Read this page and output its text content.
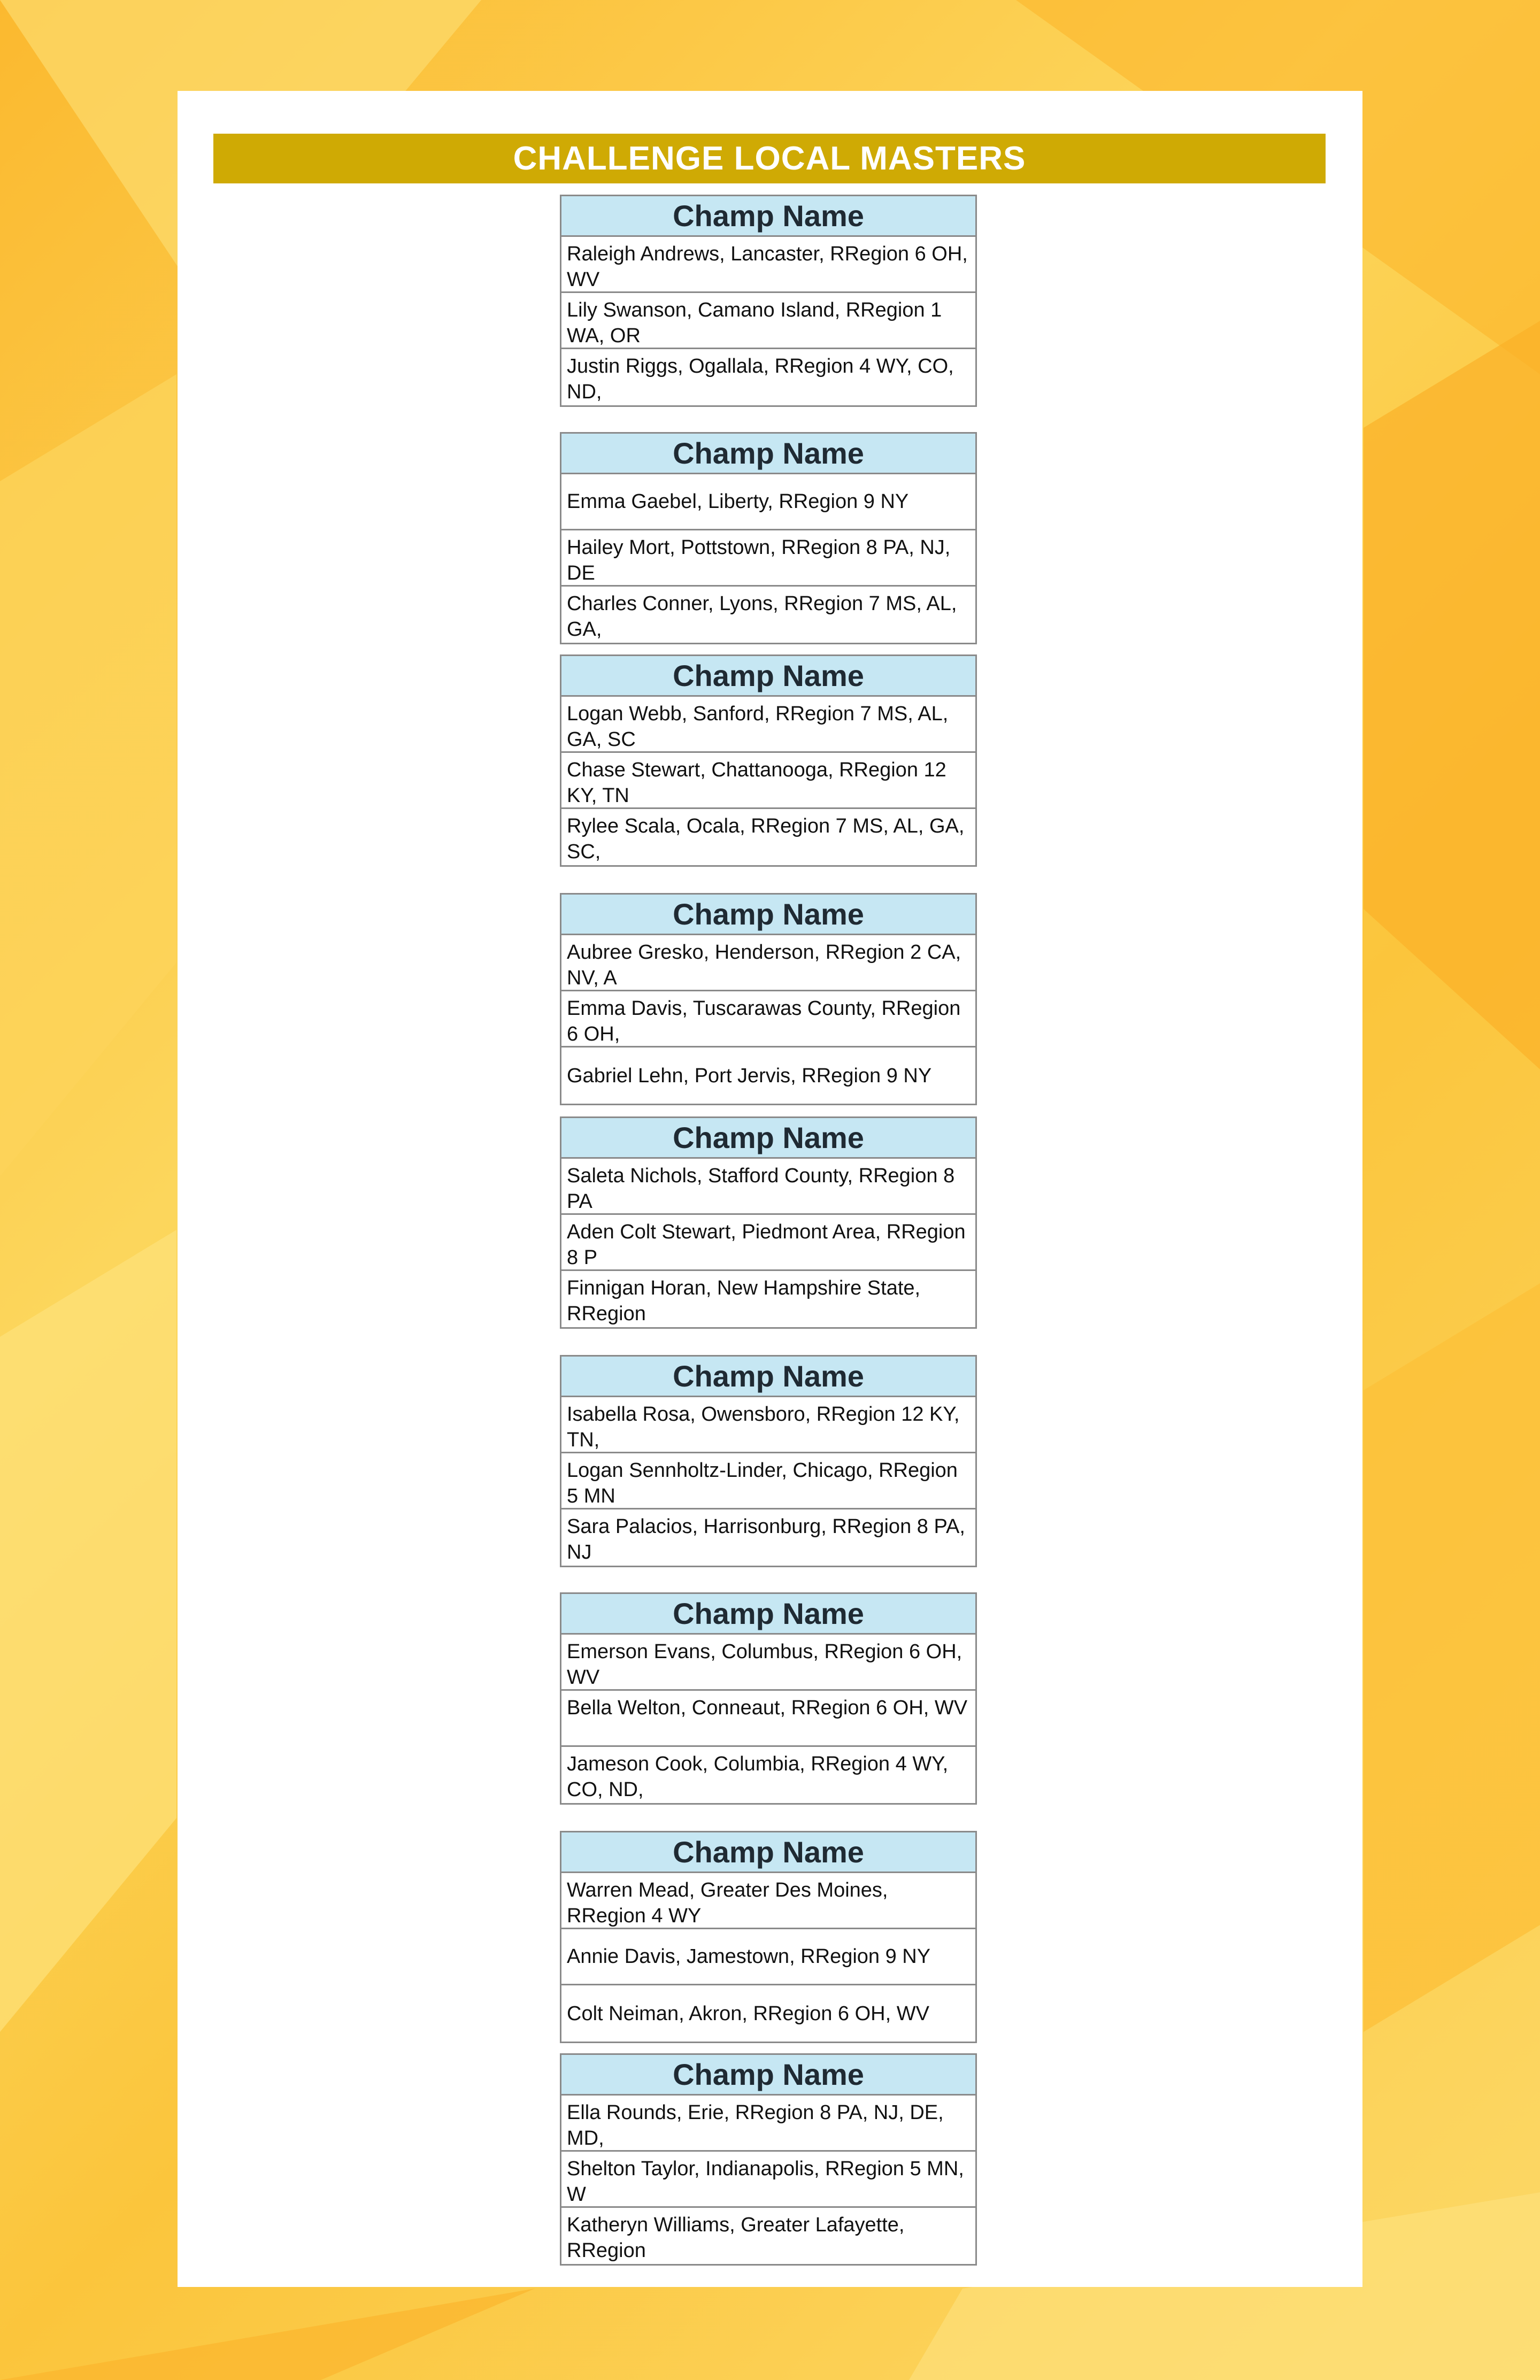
CHALLENGE LOCAL MASTERS
Champ Name
Raleigh Andrews, Lancaster, RRegion 6 OH, WV
Lily Swanson, Camano Island, RRegion 1 WA, OR
Justin Riggs, Ogallala, RRegion 4 WY, CO, ND,
Champ Name
Emma Gaebel, Liberty, RRegion 9 NY
Hailey Mort, Pottstown, RRegion 8 PA, NJ, DE
Charles Conner, Lyons, RRegion 7 MS, AL, GA,
Champ Name
Logan Webb, Sanford, RRegion 7 MS, AL, GA, SC
Chase Stewart, Chattanooga, RRegion 12 KY, TN
Rylee Scala, Ocala, RRegion 7 MS, AL, GA, SC,
Champ Name
Aubree Gresko, Henderson, RRegion 2 CA, NV, A
Emma Davis, Tuscarawas County, RRegion 6 OH,
Gabriel Lehn, Port Jervis, RRegion 9 NY
Champ Name
Saleta Nichols, Stafford County, RRegion 8 PA
Aden Colt Stewart, Piedmont Area, RRegion 8 P
Finnigan Horan, New Hampshire State, RRegion
Champ Name
Isabella Rosa, Owensboro, RRegion 12 KY, TN,
Logan Sennholtz-Linder, Chicago, RRegion 5 MN
Sara Palacios, Harrisonburg, RRegion 8 PA, NJ
Champ Name
Emerson Evans, Columbus, RRegion 6 OH, WV
Bella Welton, Conneaut, RRegion 6 OH, WV
Jameson Cook, Columbia, RRegion 4 WY, CO, ND,
Champ Name
Warren Mead, Greater Des Moines, RRegion 4 WY
Annie Davis, Jamestown, RRegion 9 NY
Colt Neiman, Akron, RRegion 6 OH, WV
Champ Name
Ella Rounds, Erie, RRegion 8 PA, NJ, DE, MD,
Shelton Taylor, Indianapolis, RRegion 5 MN, W
Katheryn Williams, Greater Lafayette, RRegion
